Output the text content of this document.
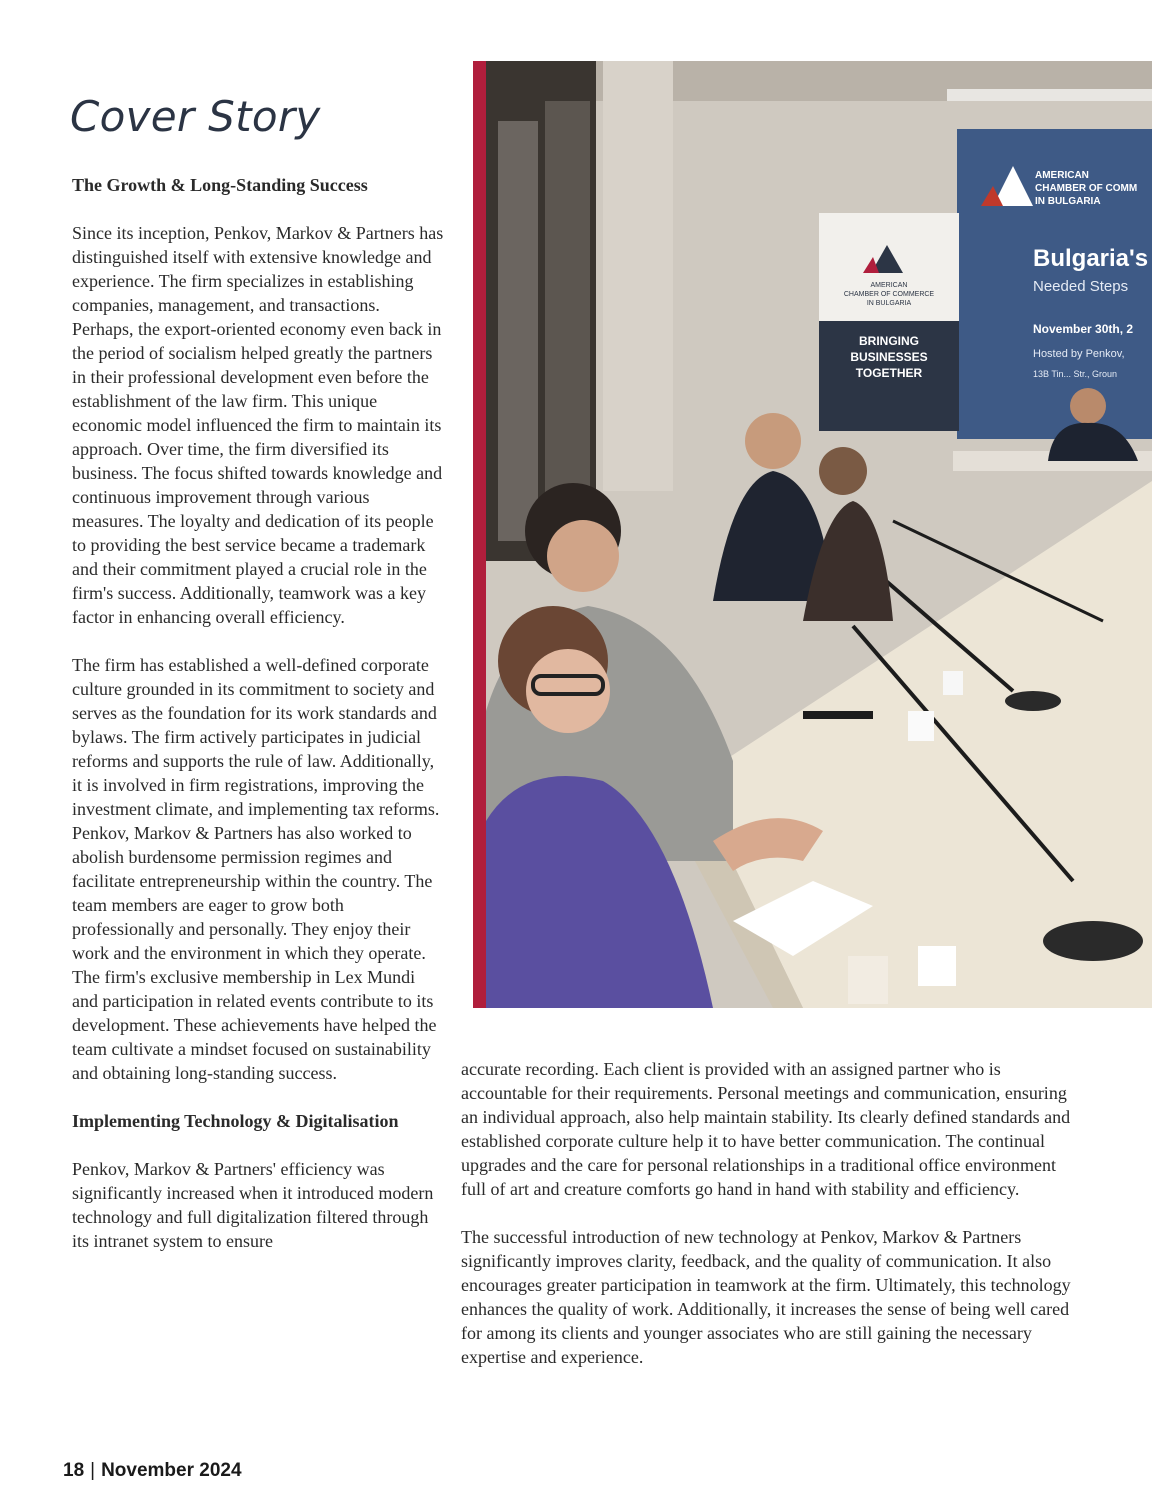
Cover Story
The Growth & Long-Standing Success

Since its inception, Penkov, Markov & Partners has distinguished itself with extensive knowledge and experience. The firm specializes in establishing companies, management, and transactions. Perhaps, the export-oriented economy even back in the period of socialism helped greatly the partners in their professional development even before the establishment of the law firm. This unique economic model influenced the firm to maintain its approach. Over time, the firm diversified its business. The focus shifted towards knowledge and continuous improvement through various measures. The loyalty and dedication of its people to providing the best service became a trademark and their commitment played a crucial role in the firm's success. Additionally, teamwork was a key factor in enhancing overall efficiency.

The firm has established a well-defined corporate culture grounded in its commitment to society and serves as the foundation for its work standards and bylaws. The firm actively participates in judicial reforms and supports the rule of law. Additionally, it is involved in firm registrations, improving the investment climate, and implementing tax reforms. Penkov, Markov & Partners has also worked to abolish burdensome permission regimes and facilitate entrepreneurship within the country. The team members are eager to grow both professionally and personally. They enjoy their work and the environment in which they operate. The firm's exclusive membership in Lex Mundi and participation in related events contribute to its development. These achievements have helped the team cultivate a mindset focused on sustainability and obtaining long-standing success.

Implementing Technology & Digitalisation

Penkov, Markov & Partners' efficiency was significantly increased when it introduced modern technology and full digitalization filtered through its intranet system to ensure

AMERICAN
CHAMBER OF COMM
IN BULGARIA
Bulgaria's
Needed Steps
November 30th, 2
Hosted by Penkov,
13B Tin... Str., Groun
AMERICAN
CHAMBER OF COMMERCE
IN BULGARIA
BRINGING
BUSINESSES
TOGETHER

accurate recording. Each client is provided with an assigned partner who is accountable for their requirements. Personal meetings and communication, ensuring an individual approach, also help maintain stability. Its clearly defined standards and established corporate culture help it to have better communication. The continual upgrades and the care for personal relationships in a traditional office environment full of art and creature comforts go hand in hand with stability and efficiency.

The successful introduction of new technology at Penkov, Markov & Partners significantly improves clarity, feedback, and the quality of communication. It also encourages greater participation in teamwork at the firm. Ultimately, this technology enhances the quality of work. Additionally, it increases the sense of being well cared for among its clients and younger associates who are still gaining the necessary expertise and experience.

18 | November 2024
